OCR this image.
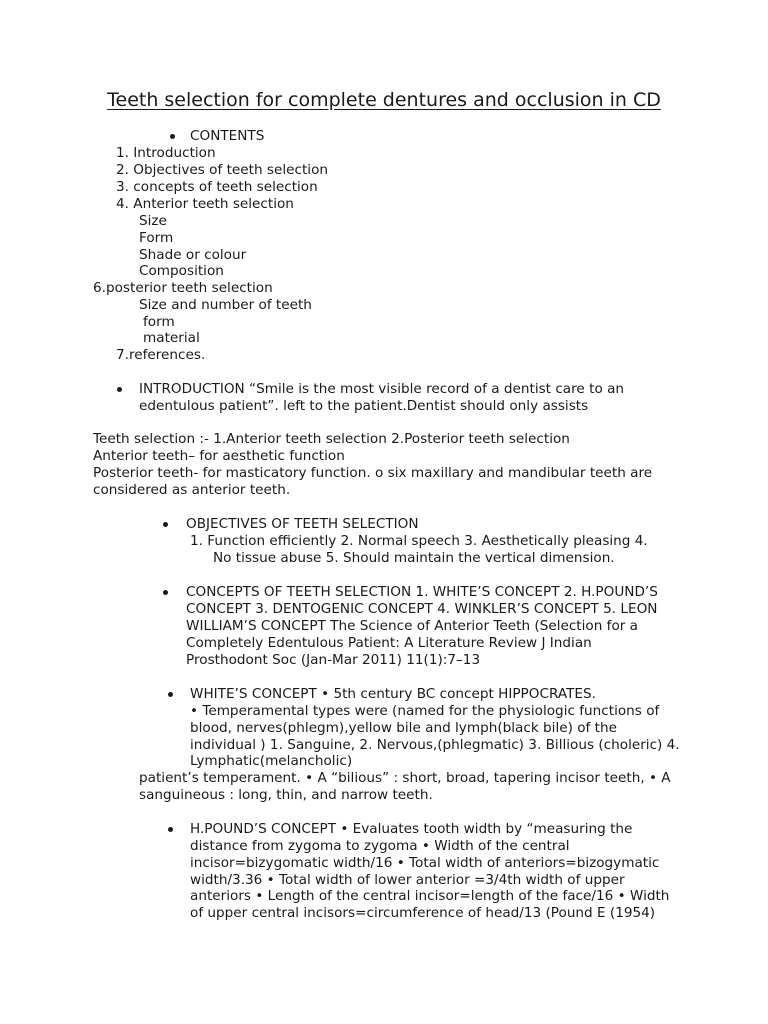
Teeth selection for complete dentures and occlusion in CD
CONTENTS
1. Introduction
2. Objectives of teeth selection
3. concepts of teeth selection
4. Anterior teeth selection
Size
Form
Shade or colour
Composition
6.posterior teeth selection
Size and number of teeth
form
material
7.references.
INTRODUCTION “Smile is the most visible record of a dentist care to an
edentulous patient”. left to the patient.Dentist should only assists
Teeth selection :- 1.Anterior teeth selection 2.Posterior teeth selection
Anterior teeth– for aesthetic function
Posterior teeth- for masticatory function. o six maxillary and mandibular teeth are
considered as anterior teeth.
OBJECTIVES OF TEETH SELECTION
1. Function efficiently 2. Normal speech 3. Aesthetically pleasing 4.
No tissue abuse 5. Should maintain the vertical dimension.
CONCEPTS OF TEETH SELECTION 1. WHITE’S CONCEPT 2. H.POUND’S
CONCEPT 3. DENTOGENIC CONCEPT 4. WINKLER’S CONCEPT 5. LEON
WILLIAM’S CONCEPT The Science of Anterior Teeth (Selection for a
Completely Edentulous Patient: A Literature Review J Indian
Prosthodont Soc (Jan-Mar 2011) 11(1):7–13
WHITE’S CONCEPT • 5th century BC concept HIPPOCRATES.
• Temperamental types were (named for the physiologic functions of
blood, nerves(phlegm),yellow bile and lymph(black bile) of the
individual ) 1. Sanguine, 2. Nervous,(phlegmatic) 3. Billious (choleric) 4.
Lymphatic(melancholic)
patient’s temperament. • A “bilious” : short, broad, tapering incisor teeth, • A
sanguineous : long, thin, and narrow teeth.
H.POUND’S CONCEPT • Evaluates tooth width by “measuring the
distance from zygoma to zygoma • Width of the central
incisor=bizygomatic width/16 • Total width of anteriors=bizogymatic
width/3.36 • Total width of lower anterior =3/4th width of upper
anteriors • Length of the central incisor=length of the face/16 • Width
of upper central incisors=circumference of head/13 (Pound E (1954)
